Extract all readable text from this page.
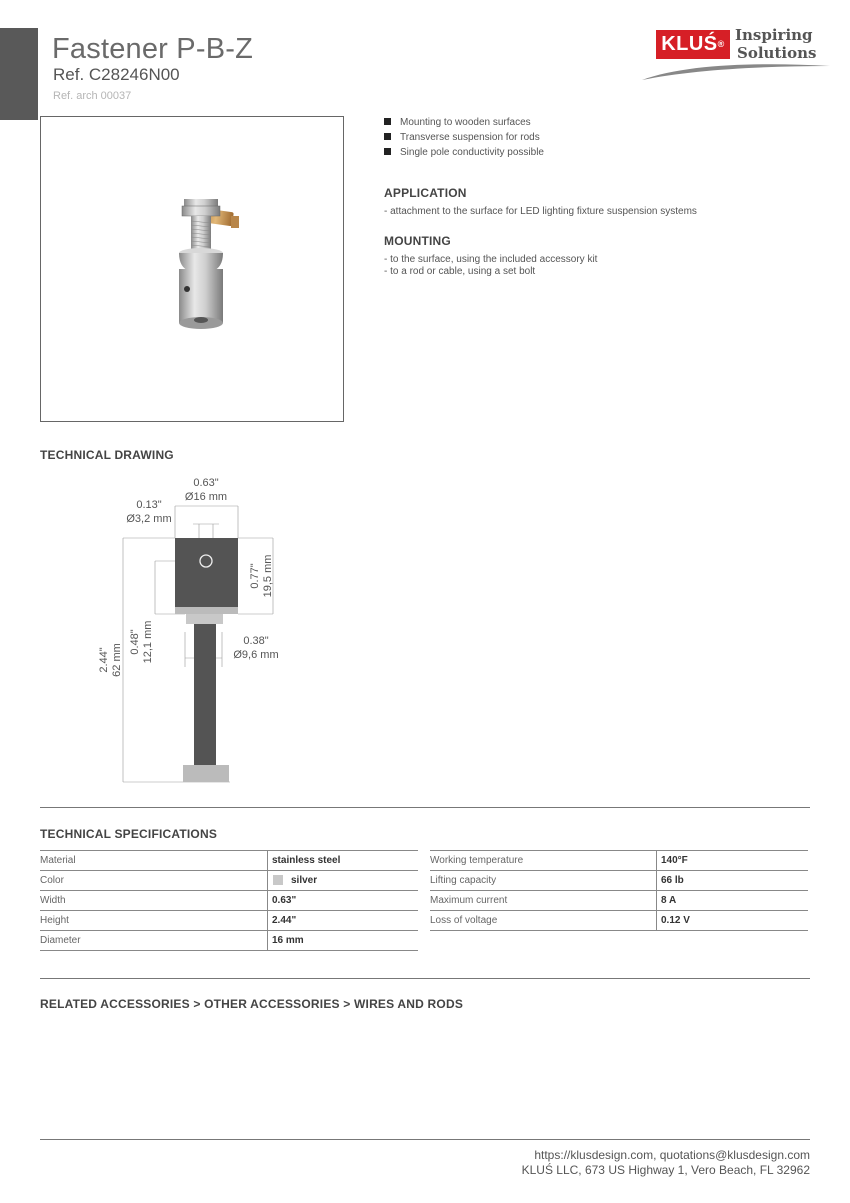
Fastener P-B-Z
Ref. C28246N00
Ref. arch 00037
KLUŚ® Inspiring
Solutions
Mounting to wooden surfaces
Transverse suspension for rods
Single pole conductivity possible
APPLICATION
- attachment to the surface for LED lighting fixture suspension systems
MOUNTING
- to the surface, using the included accessory kit
- to a rod or cable, using a set bolt
TECHNICAL DRAWING
0.63"
Ø16 mm
0.13"
Ø3,2 mm
0.38"
Ø9,6 mm
2.44" 62 mm
0.48" 12,1 mm
0.77" 19,5 mm
TECHNICAL SPECIFICATIONS
Material	stainless steel
Color	silver
Width	0.63"
Height	2.44"
Diameter	16 mm
Working temperature	140°F
Lifting capacity	66 lb
Maximum current	8 A
Loss of voltage	0.12 V
RELATED ACCESSORIES > OTHER ACCESSORIES > WIRES AND RODS
https://klusdesign.com, quotations@klusdesign.com
KLUŚ LLC, 673 US Highway 1, Vero Beach, FL 32962
